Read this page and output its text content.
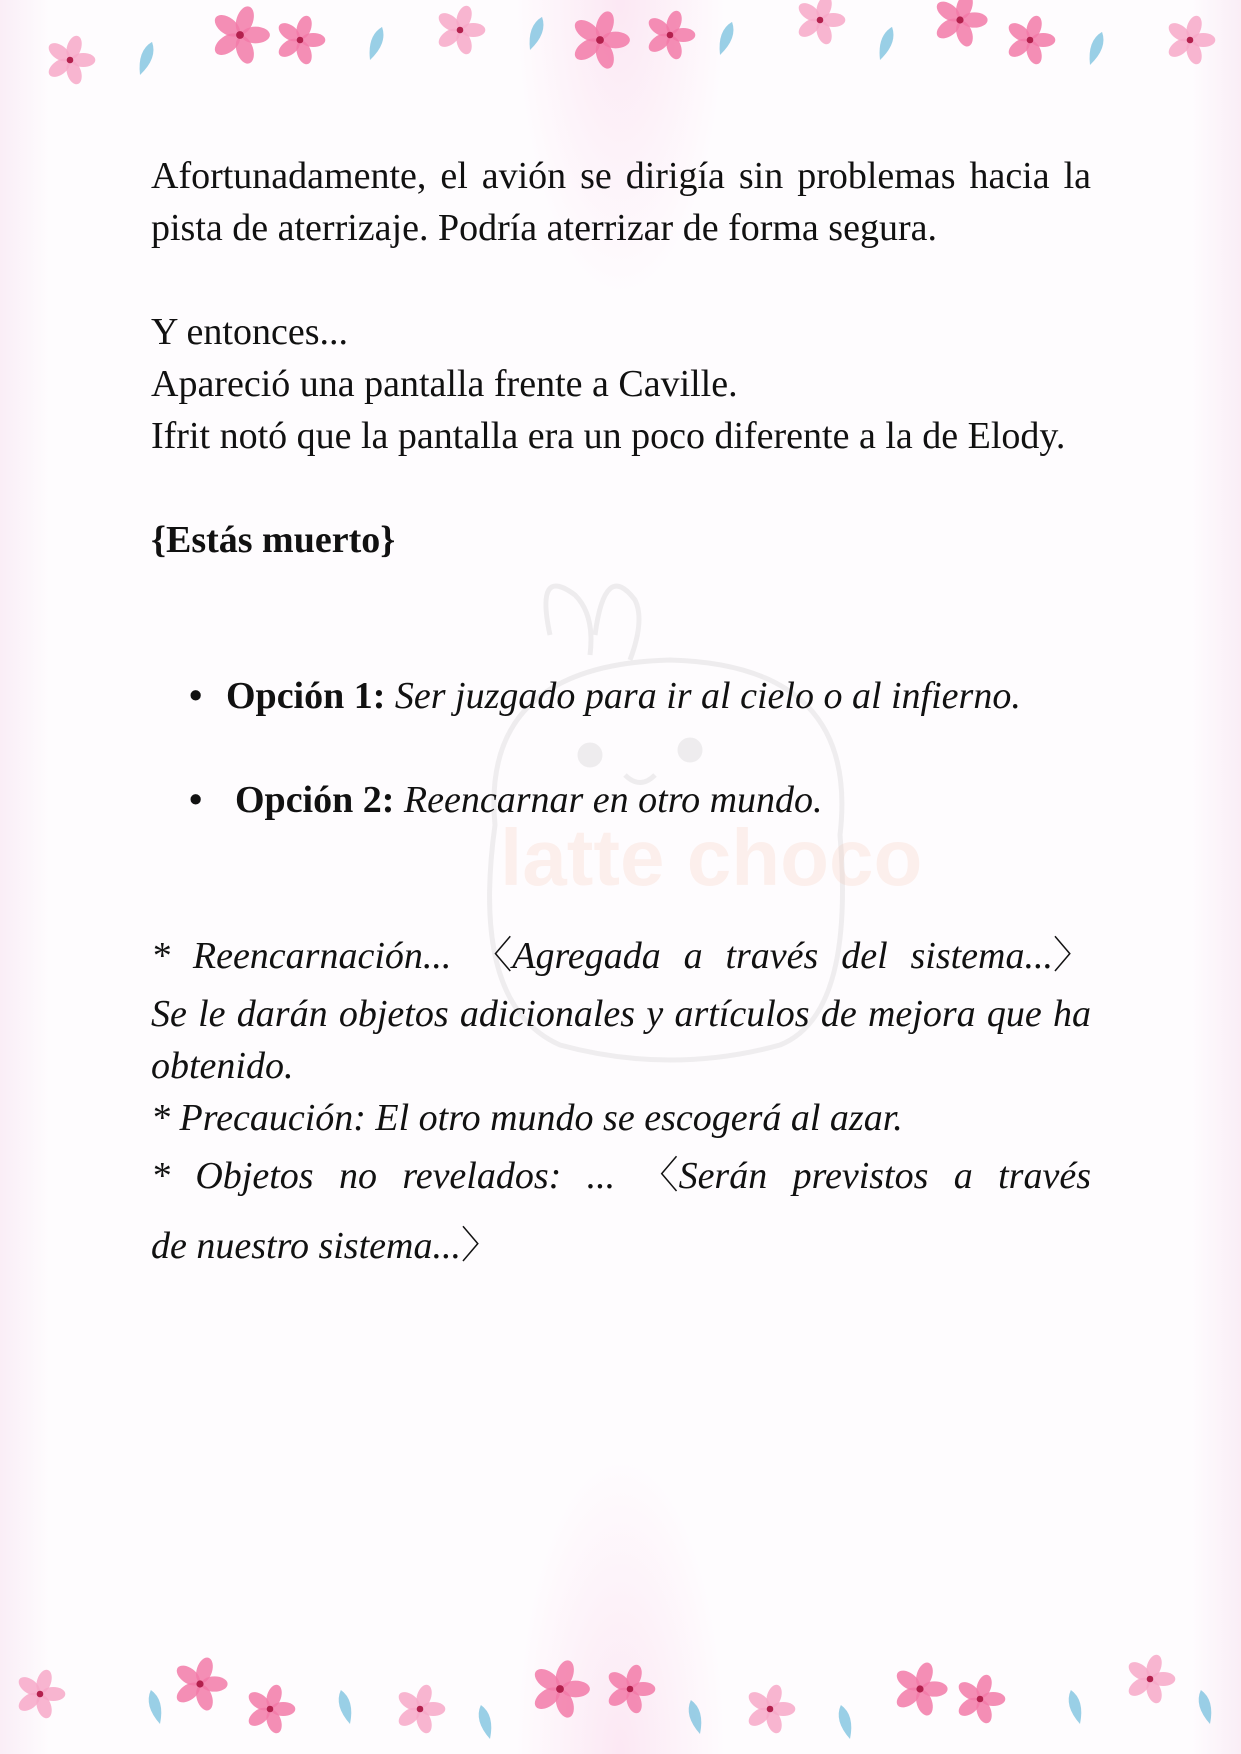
latte choco

Afortunadamente, el avión se dirigía sin problemas hacia la pista de aterrizaje. Podría aterrizar de forma segura.

Y entonces...

Apareció una pantalla frente a Caville.

Ifrit notó que la pantalla era un poco diferente a la de Elody.

{Estás muerto}

• Opción 1: Ser juzgado para ir al cielo o al infierno.
• Opción 2: Reencarnar en otro mundo.

* Reencarnación... 〈Agregada a través del sistema...〉

Se le darán objetos adicionales y artículos de mejora que ha obtenido.

* Precaución: El otro mundo se escogerá al azar.

* Objetos no revelados: ... 〈Serán previstos a través

de nuestro sistema...〉
